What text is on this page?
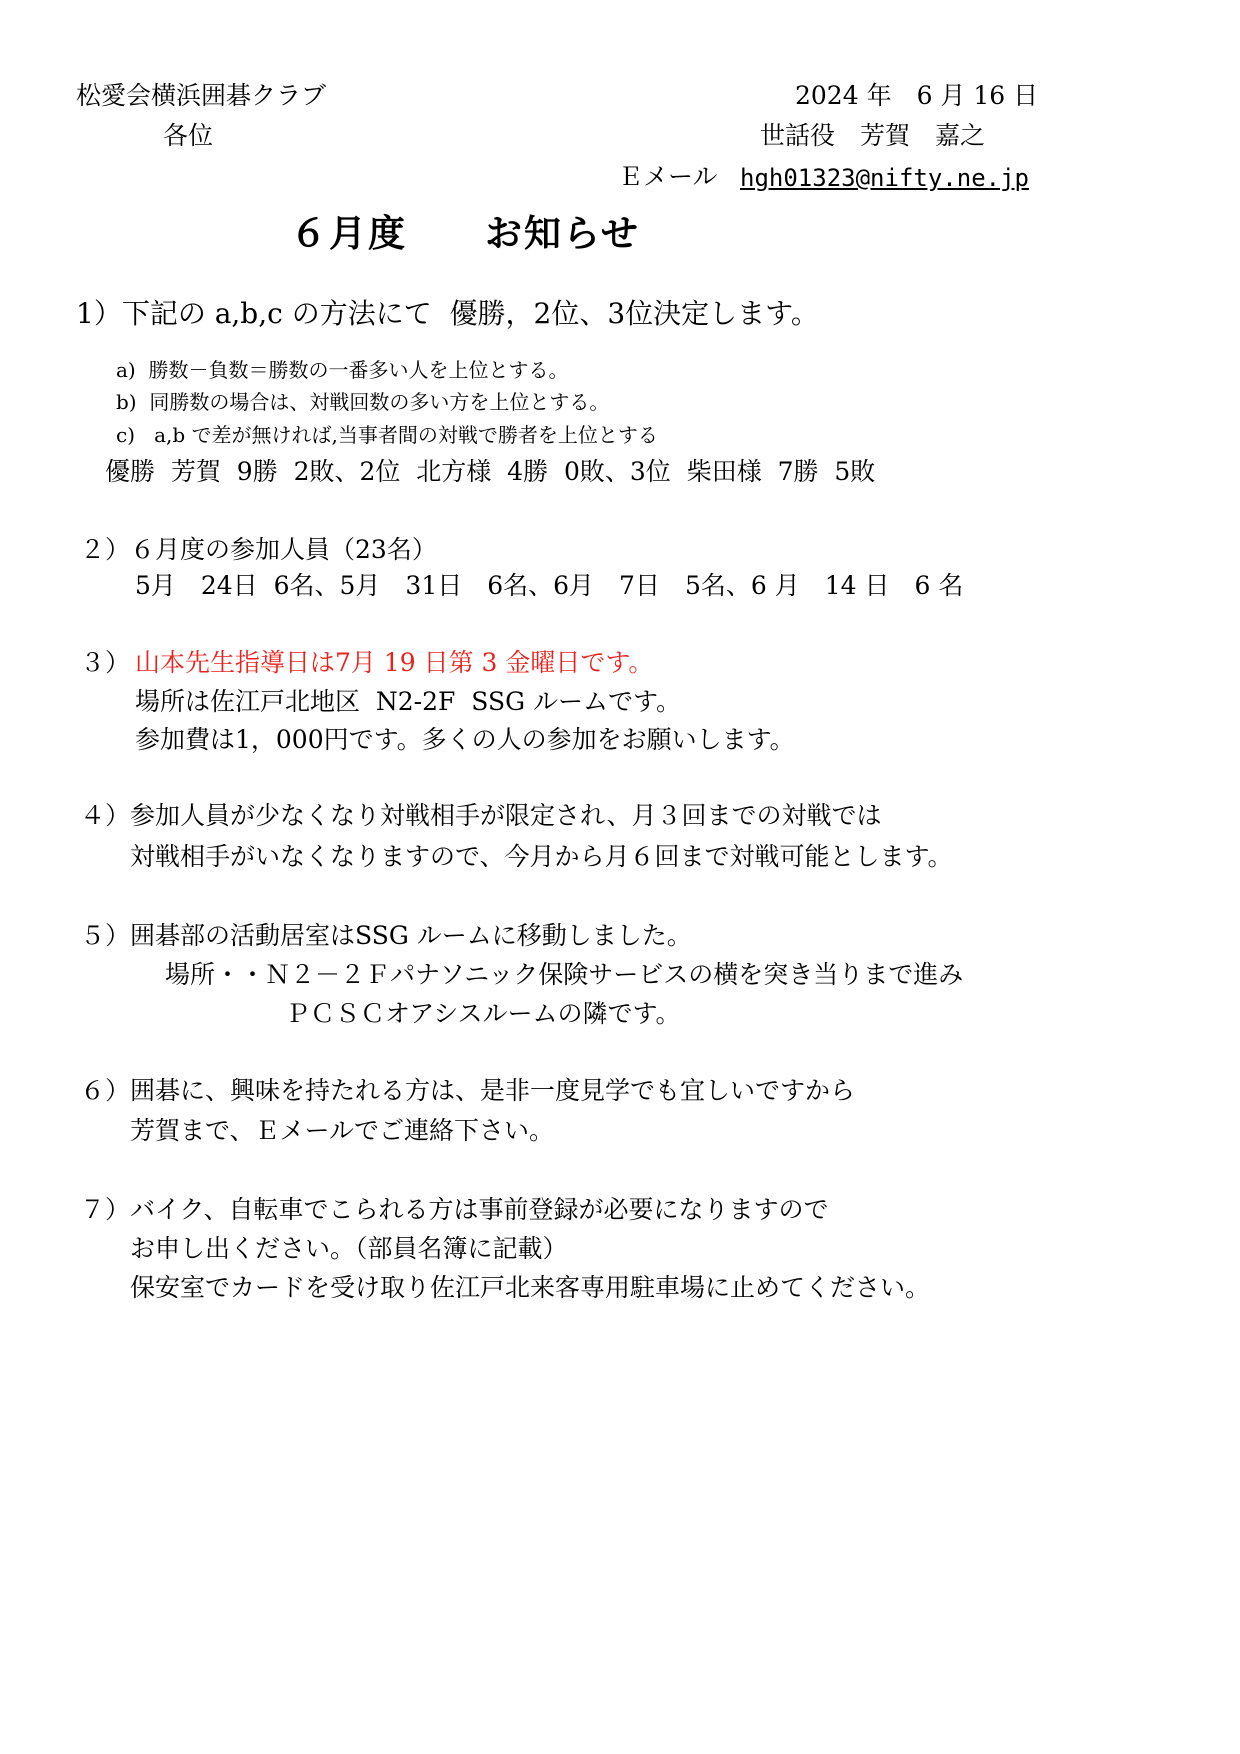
松愛会横浜囲碁クラブ	2024 年　6 月 16 日
各位	世話役　芳賀　嘉之
Ｅメール hgh01323@nifty.ne.jp
６月度　　お知らせ
1）下記の a,b,c の方法にて  優勝，2位、3位決定します。
a)  勝数－負数＝勝数の一番多い人を上位とする。
b)  同勝数の場合は、対戦回数の多い方を上位とする。
c)   a,b で差が無ければ,当事者間の対戦で勝者を上位とする
優勝  芳賀  9勝  2敗、2位  北方様  4勝  0敗、3位  柴田様  7勝  5敗
２）６月度の参加人員（23名）
5月　24日  6名、5月　31日　6名、6月　7日　5名、6 月　14 日　6 名
３） 山本先生指導日は7月 19 日第 3 金曜日です。
場所は佐江戸北地区  N2-2F  SSG ルームです。
参加費は1，000円です。多くの人の参加をお願いします。
４）参加人員が少なくなり対戦相手が限定され、月３回までの対戦では
　　対戦相手がいなくなりますので、今月から月６回まで対戦可能とします。
５）囲碁部の活動居室はSSG ルームに移動しました。
場所・・Ｎ２－２Ｆパナソニック保険サービスの横を突き当りまで進み
ＰＣＳＣオアシスルームの隣です。
６）囲碁に、興味を持たれる方は、是非一度見学でも宜しいですから
　　芳賀まで、Ｅメールでご連絡下さい。
７）バイク、自転車でこられる方は事前登録が必要になりますので
　　お申し出ください。（部員名簿に記載）
　　保安室でカードを受け取り佐江戸北来客専用駐車場に止めてください。
